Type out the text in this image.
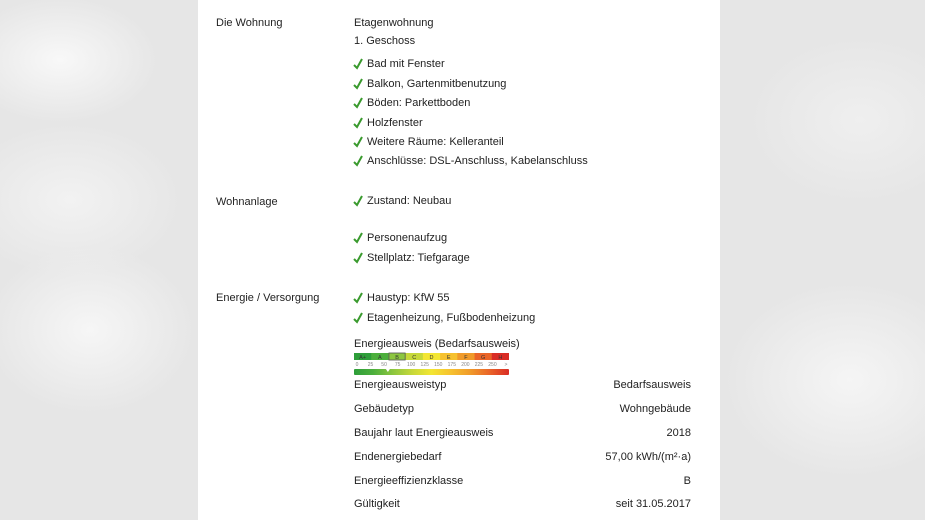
Die Wohnung	Etagenwohnung
1. Geschoss
Bad mit Fenster
Balkon, Gartenmitbenutzung
Böden: Parkettboden
Holzfenster
Weitere Räume: Kelleranteil
Anschlüsse: DSL-Anschluss, Kabelanschluss
Wohnanlage	Zustand: Neubau
Personenaufzug
Stellplatz: Tiefgarage
Energie / Versorgung	Haustyp: KfW 55
Etagenheizung, Fußbodenheizung
Energieausweis (Bedarfsausweis)
A+ A B C D E F G H
0 25 50 75 100 125 150 175 200 225 250 >
Energieausweistyp	Bedarfsausweis
Gebäudetyp	Wohngebäude
Baujahr laut Energieausweis	2018
Endenergiebedarf	57,00 kWh/(m²·a)
Energieeffizienzklasse	B
Gültigkeit	seit 31.05.2017
